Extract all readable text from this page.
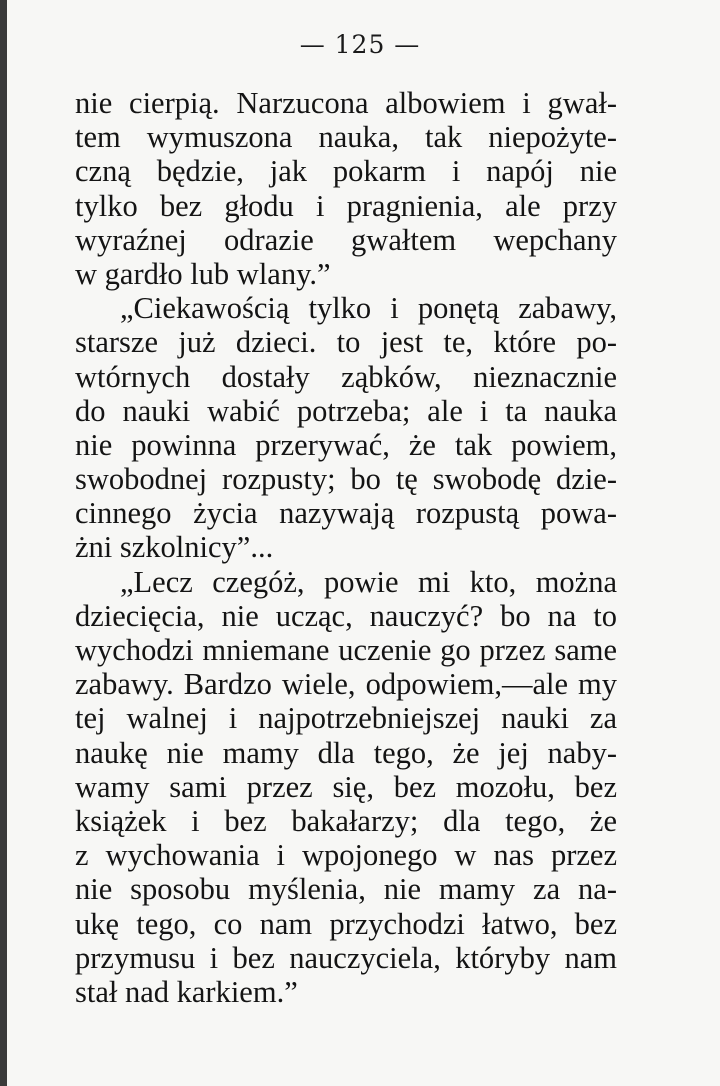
— 125 —
nie cierpią. Narzucona albowiem i gwał-
tem wymuszona nauka, tak niepożyte-
czną będzie, jak pokarm i napój nie
tylko bez głodu i pragnienia, ale przy
wyraźnej odrazie gwałtem wepchany
w gardło lub wlany.”
„Ciekawością tylko i ponętą zabawy,
starsze już dzieci. to jest te, które po-
wtórnych dostały ząbków, nieznacznie
do nauki wabić potrzeba; ale i ta nauka
nie powinna przerywać, że tak powiem,
swobodnej rozpusty; bo tę swobodę dzie-
cinnego życia nazywają rozpustą powa-
żni szkolnicy”...
„Lecz czegóż, powie mi kto, można
dziecięcia, nie ucząc, nauczyć? bo na to
wychodzi mniemane uczenie go przez same
zabawy. Bardzo wiele, odpowiem,—ale my
tej walnej i najpotrzebniejszej nauki za
naukę nie mamy dla tego, że jej naby-
wamy sami przez się, bez mozołu, bez
książek i bez bakałarzy; dla tego, że
z wychowania i wpojonego w nas przez
nie sposobu myślenia, nie mamy za na-
ukę tego, co nam przychodzi łatwo, bez
przymusu i bez nauczyciela, któryby nam
stał nad karkiem.”
